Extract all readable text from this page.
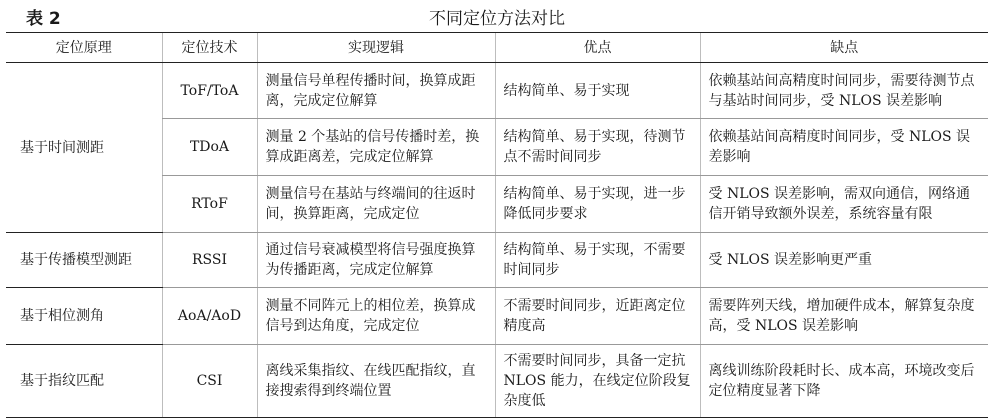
表 2	不同定位方法对比
定位原理	定位技术	实现逻辑	优点	缺点
基于时间测距	ToF/ToA	测量信号单程传播时间，换算成距离，完成定位解算	结构简单、易于实现	依赖基站间高精度时间同步，需要待测节点与基站时间同步，受 NLOS 误差影响
	TDoA	测量 2 个基站的信号传播时差，换算成距离差，完成定位解算	结构简单、易于实现，待测节点不需时间同步	依赖基站间高精度时间同步，受 NLOS 误差影响
	RToF	测量信号在基站与终端间的往返时间，换算距离，完成定位	结构简单、易于实现，进一步降低同步要求	受 NLOS 误差影响，需双向通信，网络通信开销导致额外误差，系统容量有限
基于传播模型测距	RSSI	通过信号衰减模型将信号强度换算为传播距离，完成定位解算	结构简单、易于实现，不需要时间同步	受 NLOS 误差影响更严重
基于相位测角	AoA/AoD	测量不同阵元上的相位差，换算成信号到达角度，完成定位	不需要时间同步，近距离定位精度高	需要阵列天线，增加硬件成本，解算复杂度高，受 NLOS 误差影响
基于指纹匹配	CSI	离线采集指纹、在线匹配指纹，直接搜索得到终端位置	不需要时间同步，具备一定抗 NLOS 能力，在线定位阶段复杂度低	离线训练阶段耗时长、成本高，环境改变后定位精度显著下降
